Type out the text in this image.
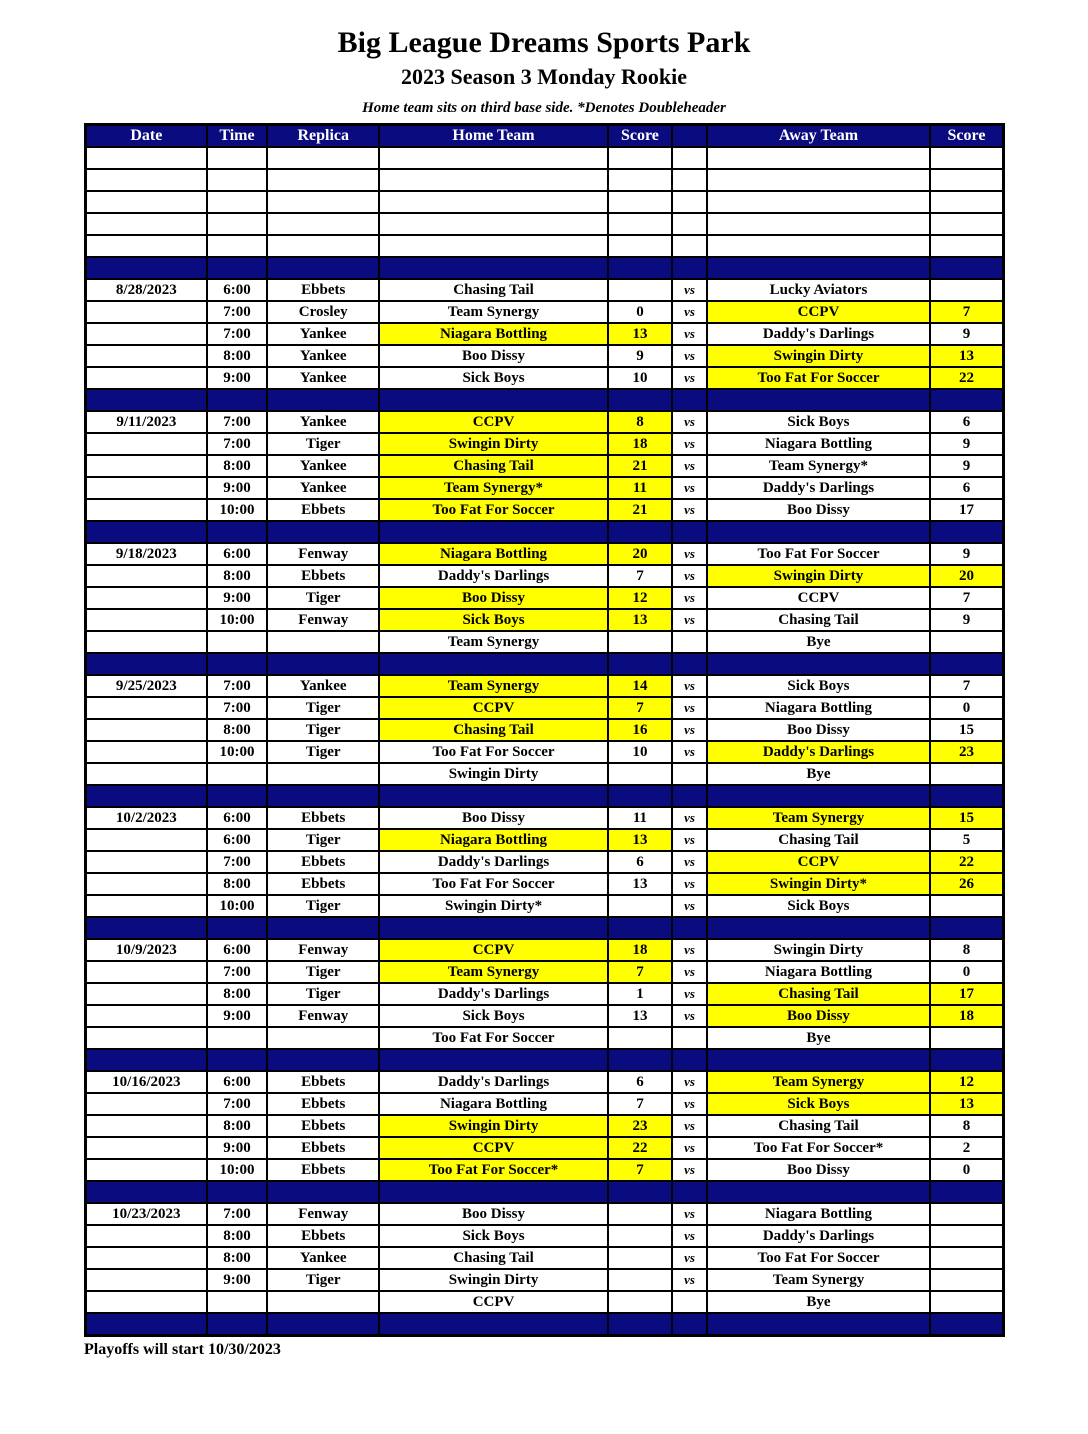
Big League Dreams Sports Park
2023 Season 3 Monday Rookie
Home team sits on third base side. *Denotes Doubleheader
Date	Time	Replica	Home Team	Score		Away Team	Score

8/28/2023	6:00	Ebbets	Chasing Tail		vs	Lucky Aviators	
	7:00	Crosley	Team Synergy	0	vs	CCPV	7
	7:00	Yankee	Niagara Bottling	13	vs	Daddy's Darlings	9
	8:00	Yankee	Boo Dissy	9	vs	Swingin Dirty	13
	9:00	Yankee	Sick Boys	10	vs	Too Fat For Soccer	22

9/11/2023	7:00	Yankee	CCPV	8	vs	Sick Boys	6
	7:00	Tiger	Swingin Dirty	18	vs	Niagara Bottling	9
	8:00	Yankee	Chasing Tail	21	vs	Team Synergy*	9
	9:00	Yankee	Team Synergy*	11	vs	Daddy's Darlings	6
	10:00	Ebbets	Too Fat For Soccer	21	vs	Boo Dissy	17

9/18/2023	6:00	Fenway	Niagara Bottling	20	vs	Too Fat For Soccer	9
	8:00	Ebbets	Daddy's Darlings	7	vs	Swingin Dirty	20
	9:00	Tiger	Boo Dissy	12	vs	CCPV	7
	10:00	Fenway	Sick Boys	13	vs	Chasing Tail	9
			Team Synergy			Bye	

9/25/2023	7:00	Yankee	Team Synergy	14	vs	Sick Boys	7
	7:00	Tiger	CCPV	7	vs	Niagara Bottling	0
	8:00	Tiger	Chasing Tail	16	vs	Boo Dissy	15
	10:00	Tiger	Too Fat For Soccer	10	vs	Daddy's Darlings	23
			Swingin Dirty			Bye	

10/2/2023	6:00	Ebbets	Boo Dissy	11	vs	Team Synergy	15
	6:00	Tiger	Niagara Bottling	13	vs	Chasing Tail	5
	7:00	Ebbets	Daddy's Darlings	6	vs	CCPV	22
	8:00	Ebbets	Too Fat For Soccer	13	vs	Swingin Dirty*	26
	10:00	Tiger	Swingin Dirty*		vs	Sick Boys	

10/9/2023	6:00	Fenway	CCPV	18	vs	Swingin Dirty	8
	7:00	Tiger	Team Synergy	7	vs	Niagara Bottling	0
	8:00	Tiger	Daddy's Darlings	1	vs	Chasing Tail	17
	9:00	Fenway	Sick Boys	13	vs	Boo Dissy	18
			Too Fat For Soccer			Bye	

10/16/2023	6:00	Ebbets	Daddy's Darlings	6	vs	Team Synergy	12
	7:00	Ebbets	Niagara Bottling	7	vs	Sick Boys	13
	8:00	Ebbets	Swingin Dirty	23	vs	Chasing Tail	8
	9:00	Ebbets	CCPV	22	vs	Too Fat For Soccer*	2
	10:00	Ebbets	Too Fat For Soccer*	7	vs	Boo Dissy	0

10/23/2023	7:00	Fenway	Boo Dissy		vs	Niagara Bottling	
	8:00	Ebbets	Sick Boys		vs	Daddy's Darlings	
	8:00	Yankee	Chasing Tail		vs	Too Fat For Soccer	
	9:00	Tiger	Swingin Dirty		vs	Team Synergy	
			CCPV			Bye	

Playoffs will start 10/30/2023
